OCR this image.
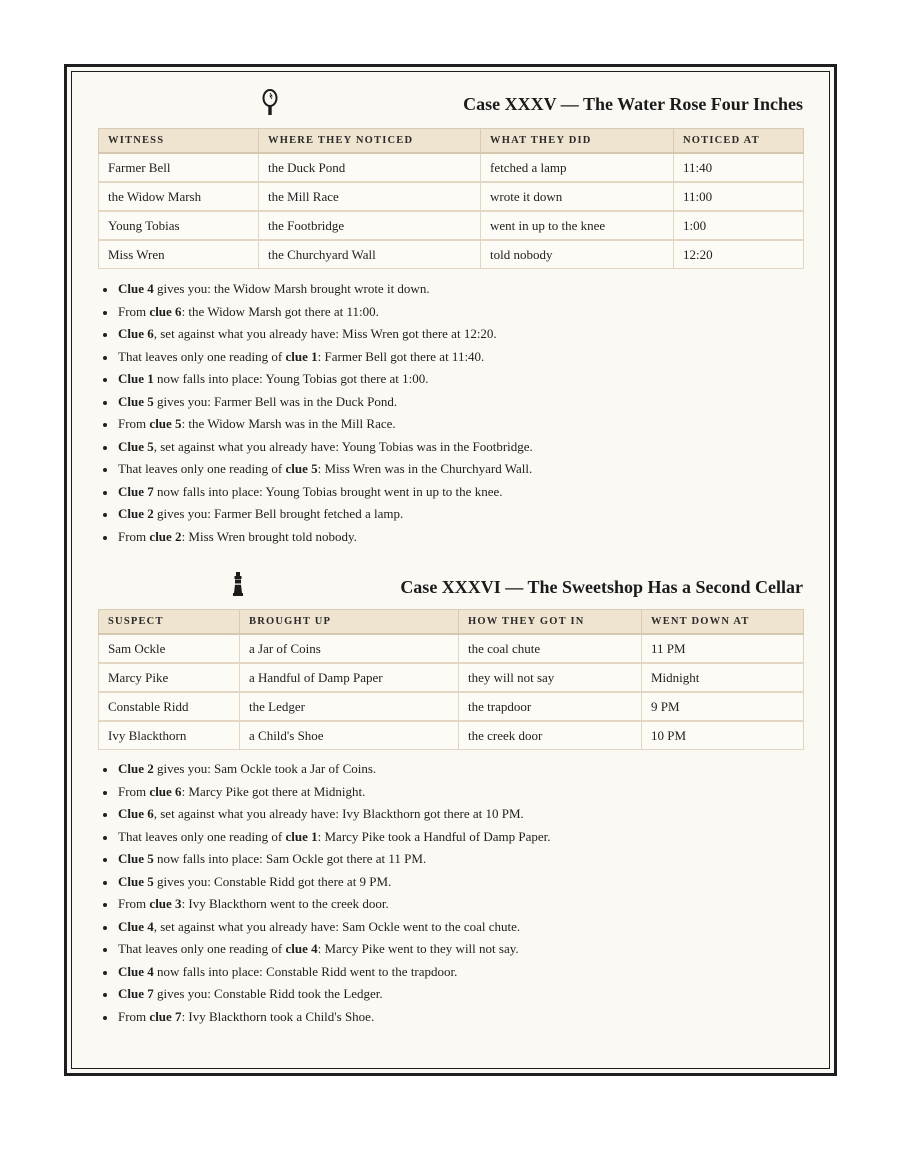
Case XXXV — The Water Rose Four Inches
WITNESS	WHERE THEY NOTICED	WHAT THEY DID	NOTICED AT
Farmer Bell	the Duck Pond	fetched a lamp	11:40
the Widow Marsh	the Mill Race	wrote it down	11:00
Young Tobias	the Footbridge	went in up to the knee	1:00
Miss Wren	the Churchyard Wall	told nobody	12:20
Clue 4 gives you: the Widow Marsh brought wrote it down.
From clue 6: the Widow Marsh got there at 11:00.
Clue 6, set against what you already have: Miss Wren got there at 12:20.
That leaves only one reading of clue 1: Farmer Bell got there at 11:40.
Clue 1 now falls into place: Young Tobias got there at 1:00.
Clue 5 gives you: Farmer Bell was in the Duck Pond.
From clue 5: the Widow Marsh was in the Mill Race.
Clue 5, set against what you already have: Young Tobias was in the Footbridge.
That leaves only one reading of clue 5: Miss Wren was in the Churchyard Wall.
Clue 7 now falls into place: Young Tobias brought went in up to the knee.
Clue 2 gives you: Farmer Bell brought fetched a lamp.
From clue 2: Miss Wren brought told nobody.
Case XXXVI — The Sweetshop Has a Second Cellar
SUSPECT	BROUGHT UP	HOW THEY GOT IN	WENT DOWN AT
Sam Ockle	a Jar of Coins	the coal chute	11 PM
Marcy Pike	a Handful of Damp Paper	they will not say	Midnight
Constable Ridd	the Ledger	the trapdoor	9 PM
Ivy Blackthorn	a Child's Shoe	the creek door	10 PM
Clue 2 gives you: Sam Ockle took a Jar of Coins.
From clue 6: Marcy Pike got there at Midnight.
Clue 6, set against what you already have: Ivy Blackthorn got there at 10 PM.
That leaves only one reading of clue 1: Marcy Pike took a Handful of Damp Paper.
Clue 5 now falls into place: Sam Ockle got there at 11 PM.
Clue 5 gives you: Constable Ridd got there at 9 PM.
From clue 3: Ivy Blackthorn went to the creek door.
Clue 4, set against what you already have: Sam Ockle went to the coal chute.
That leaves only one reading of clue 4: Marcy Pike went to they will not say.
Clue 4 now falls into place: Constable Ridd went to the trapdoor.
Clue 7 gives you: Constable Ridd took the Ledger.
From clue 7: Ivy Blackthorn took a Child's Shoe.
